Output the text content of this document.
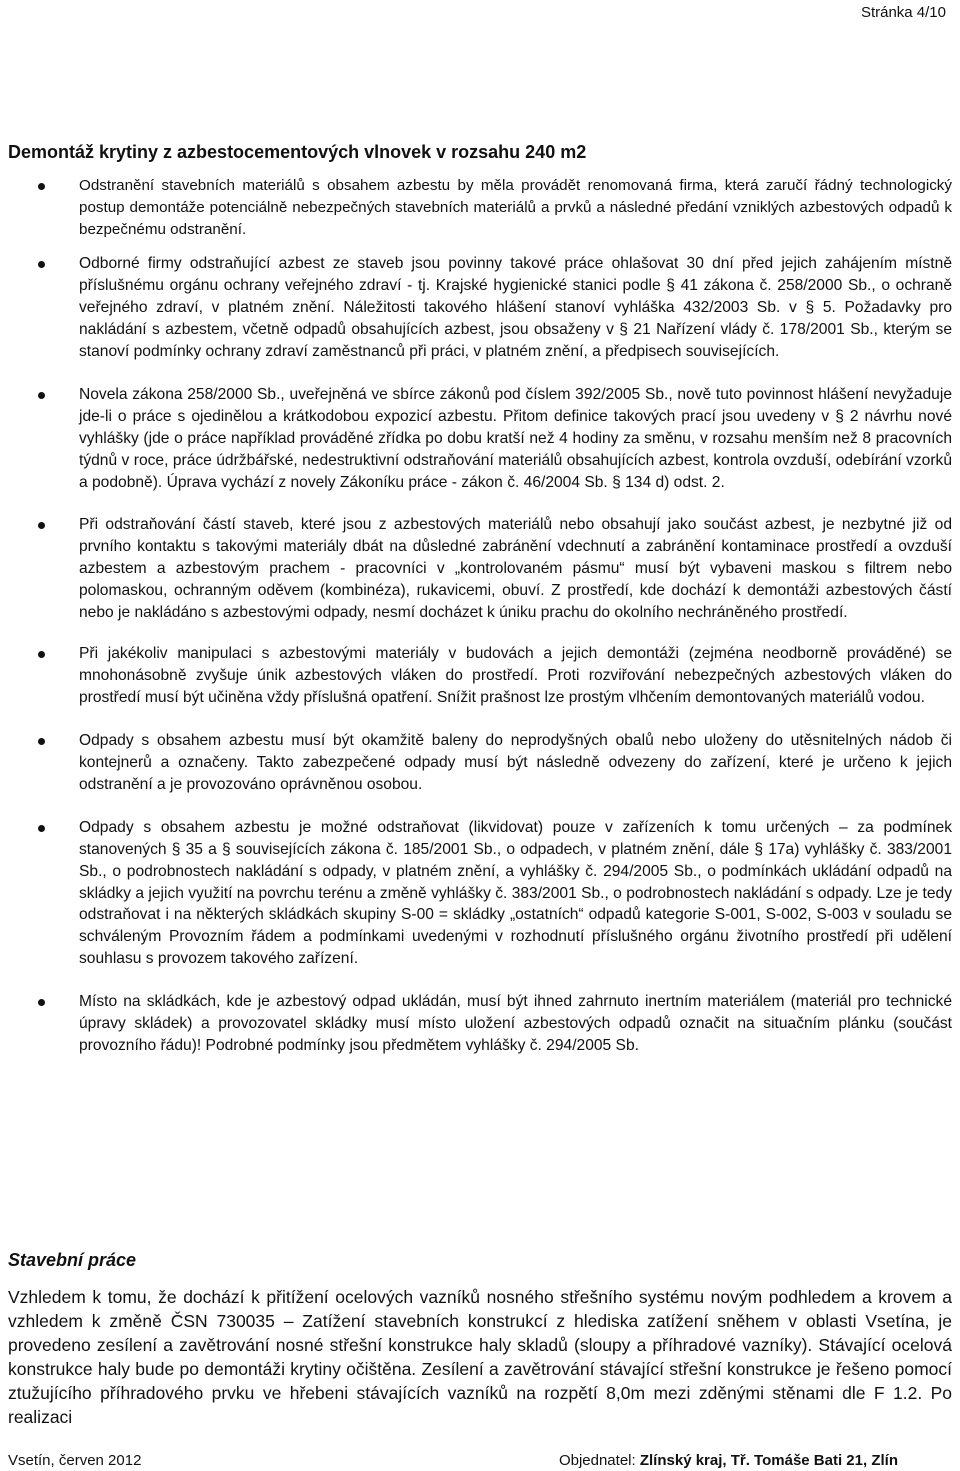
Stránka 4/10
Demontáž krytiny z azbestocementových vlnovek v rozsahu 240 m2
Odstranění stavebních materiálů s obsahem azbestu by měla provádět renomovaná firma, která zaručí řádný technologický postup demontáže potenciálně nebezpečných stavebních materiálů a prvků a následné předání vzniklých azbestových odpadů k bezpečnému odstranění.
Odborné firmy odstraňující azbest ze staveb jsou povinny takové práce ohlašovat 30 dní před jejich zahájením místně příslušnému orgánu ochrany veřejného zdraví - tj. Krajské hygienické stanici podle § 41 zákona č. 258/2000 Sb., o ochraně veřejného zdraví, v platném znění. Náležitosti takového hlášení stanoví vyhláška 432/2003 Sb. v § 5. Požadavky pro nakládání s azbestem, včetně odpadů obsahujících azbest, jsou obsaženy v § 21 Nařízení vlády č. 178/2001 Sb., kterým se stanoví podmínky ochrany zdraví zaměstnanců při práci, v platném znění, a předpisech souvisejících.
Novela zákona 258/2000 Sb., uveřejněná ve sbírce zákonů pod číslem 392/2005 Sb., nově tuto povinnost hlášení nevyžaduje jde-li o práce s ojedinělou a krátkodobou expozicí azbestu. Přitom definice takových prací jsou uvedeny v § 2 návrhu nové vyhlášky (jde o práce například prováděné zřídka po dobu kratší než 4 hodiny za směnu, v rozsahu menším než 8 pracovních týdnů v roce, práce údržbářské, nedestruktivní odstraňování materiálů obsahujících azbest, kontrola ovzduší, odebírání vzorků a podobně). Úprava vychází z novely Zákoníku práce - zákon č. 46/2004 Sb. § 134 d) odst. 2.
Při odstraňování částí staveb, které jsou z azbestových materiálů nebo obsahují jako součást azbest, je nezbytné již od prvního kontaktu s takovými materiály dbát na důsledné zabránění vdechnutí a zabránění kontaminace prostředí a ovzduší azbestem a azbestovým prachem - pracovníci v „kontrolovaném pásmu“ musí být vybaveni maskou s filtrem nebo polomaskou, ochranným oděvem (kombinéza), rukavicemi, obuví. Z prostředí, kde dochází k demontáži azbestových částí nebo je nakládáno s azbestovými odpady, nesmí docházet k úniku prachu do okolního nechráněného prostředí.
Při jakékoliv manipulaci s azbestovými materiály v budovách a jejich demontáži (zejména neodborně prováděné) se mnohonásobně zvyšuje únik azbestových vláken do prostředí. Proti rozviřování nebezpečných azbestových vláken do prostředí musí být učiněna vždy příslušná opatření. Snížit prašnost lze prostým vlhčením demontovaných materiálů vodou.
Odpady s obsahem azbestu musí být okamžitě baleny do neprodyšných obalů nebo uloženy do utěsnitelných nádob či kontejnerů a označeny. Takto zabezpečené odpady musí být následně odvezeny do zařízení, které je určeno k jejich odstranění a je provozováno oprávněnou osobou.
Odpady s obsahem azbestu je možné odstraňovat (likvidovat) pouze v zařízeních k tomu určených – za podmínek stanovených § 35 a § souvisejících zákona č. 185/2001 Sb., o odpadech, v platném znění, dále § 17a) vyhlášky č. 383/2001 Sb., o podrobnostech nakládání s odpady, v platném znění, a vyhlášky č. 294/2005 Sb., o podmínkách ukládání odpadů na skládky a jejich využití na povrchu terénu a změně vyhlášky č. 383/2001 Sb., o podrobnostech nakládání s odpady. Lze je tedy odstraňovat i na některých skládkách skupiny S-00 = skládky „ostatních“ odpadů kategorie S-001, S-002, S-003 v souladu se schváleným Provozním řádem a podmínkami uvedenými v rozhodnutí příslušného orgánu životního prostředí při udělení souhlasu s provozem takového zařízení.
Místo na skládkách, kde je azbestový odpad ukládán, musí být ihned zahrnuto inertním materiálem (materiál pro technické úpravy skládek) a provozovatel skládky musí místo uložení azbestových odpadů označit na situačním plánku (součást provozního řádu)! Podrobné podmínky jsou předmětem vyhlášky č. 294/2005 Sb.
Stavební práce
Vzhledem k tomu, že dochází k přitížení ocelových vazníků nosného střešního systému novým podhledem a krovem a vzhledem k změně ČSN 730035 – Zatížení stavebních konstrukcí z hlediska zatížení sněhem v oblasti Vsetína, je provedeno zesílení a zavětrování nosné střešní konstrukce haly skladů (sloupy a příhradové vazníky). Stávající ocelová konstrukce haly bude po demontáži krytiny očištěna. Zesílení a zavětrování stávající střešní konstrukce je řešeno pomocí ztužujícího příhradového prvku ve hřebeni stávajících vazníků na rozpětí 8,0m mezi zděnými stěnami dle F 1.2. Po realizaci
Vsetín, červen 2012	Objednatel: Zlínský kraj, Tř. Tomáše Bati 21, Zlín
